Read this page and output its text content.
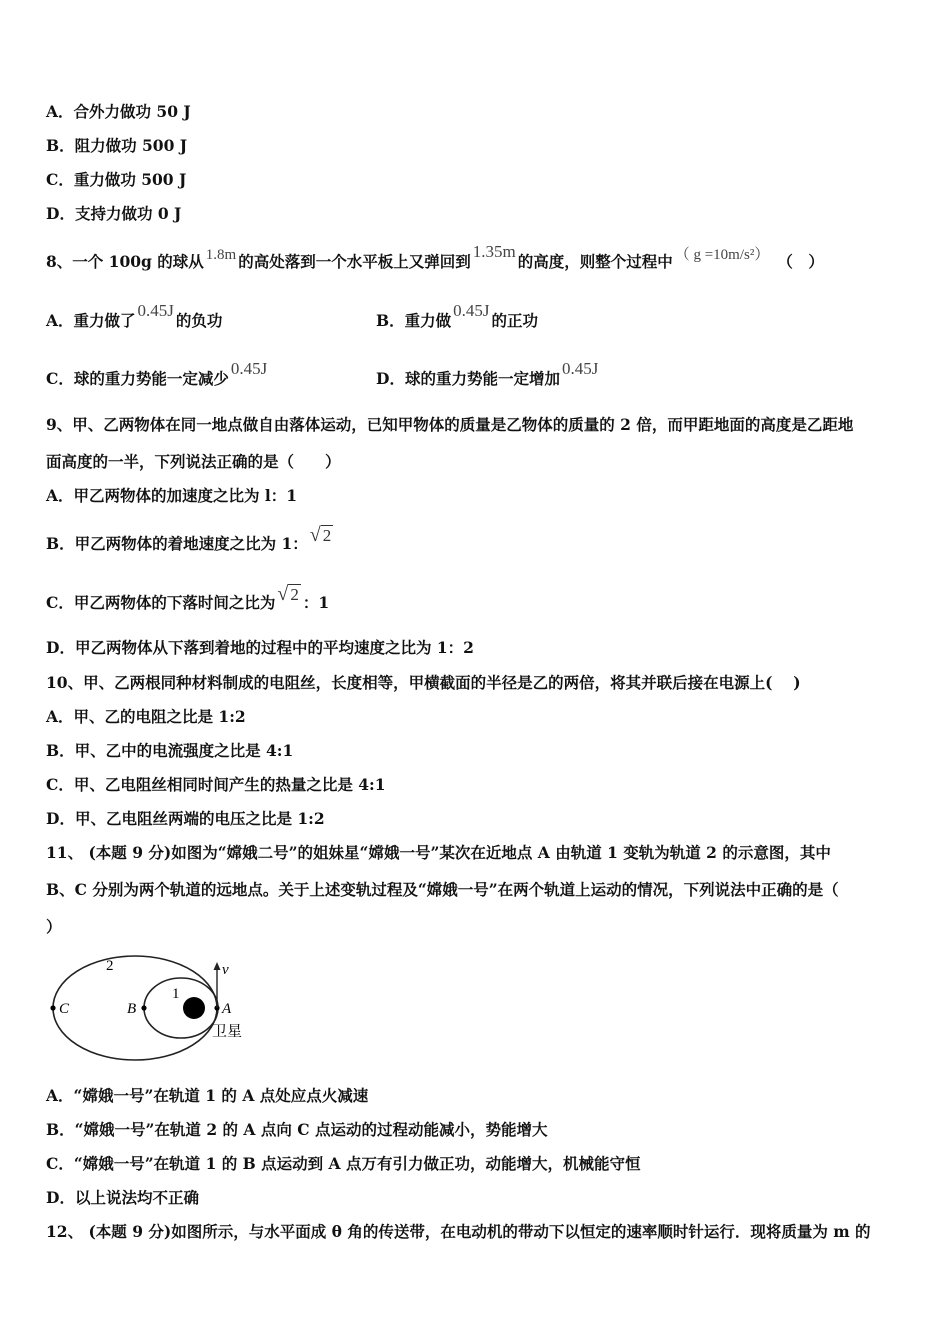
A．合外力做功 50 J
B．阻力做功 500 J
C．重力做功 500 J
D．支持力做功 0 J
8、一个 100g 的球从 1.8m 的高处落到一个水平板上又弹回到1.35m的高度，则整个过程中 （ g =10m/s²） （　）
A．重力做了0.45J的负功	B．重力做0.45J的正功
C．球的重力势能一定减少0.45J
D．球的重力势能一定增加0.45J
9、甲、乙两物体在同一地点做自由落体运动，已知甲物体的质量是乙物体的质量的 2 倍，而甲距地面的高度是乙距地
面高度的一半，下列说法正确的是（　　）
A．甲乙两物体的加速度之比为 l：1
B．甲乙两物体的着地速度之比为 1： √ 2
C．甲乙两物体的下落时间之比为 √ 2 ：1
D．甲乙两物体从下落到着地的过程中的平均速度之比为 1：2
10、甲、乙两根同种材料制成的电阻丝，长度相等，甲横截面的半径是乙的两倍，将其并联后接在电源上(　 )
A．甲、乙的电阻之比是 1:2
B．甲、乙中的电流强度之比是 4:1
C．甲、乙电阻丝相同时间产生的热量之比是 4:1
D．甲、乙电阻丝两端的电压之比是 1:2
11、 (本题 9 分)如图为“嫦娥二号”的姐妹星“嫦娥一号”某次在近地点 A 由轨道 1 变轨为轨道 2 的示意图，其中
B、C 分别为两个轨道的远地点。关于上述变轨过程及“嫦娥一号”在两个轨道上运动的情况，下列说法中正确的是（
）
v
2
1
C	B	A
卫星
A．“嫦娥一号”在轨道 1 的 A 点处应点火减速
B．“嫦娥一号”在轨道 2 的 A 点向 C 点运动的过程动能减小，势能增大
C．“嫦娥一号”在轨道 1 的 B 点运动到 A 点万有引力做正功，动能增大，机械能守恒
D．以上说法均不正确
12、 (本题 9 分)如图所示，与水平面成 θ 角的传送带，在电动机的带动下以恒定的速率顺时针运行．现将质量为 m 的
